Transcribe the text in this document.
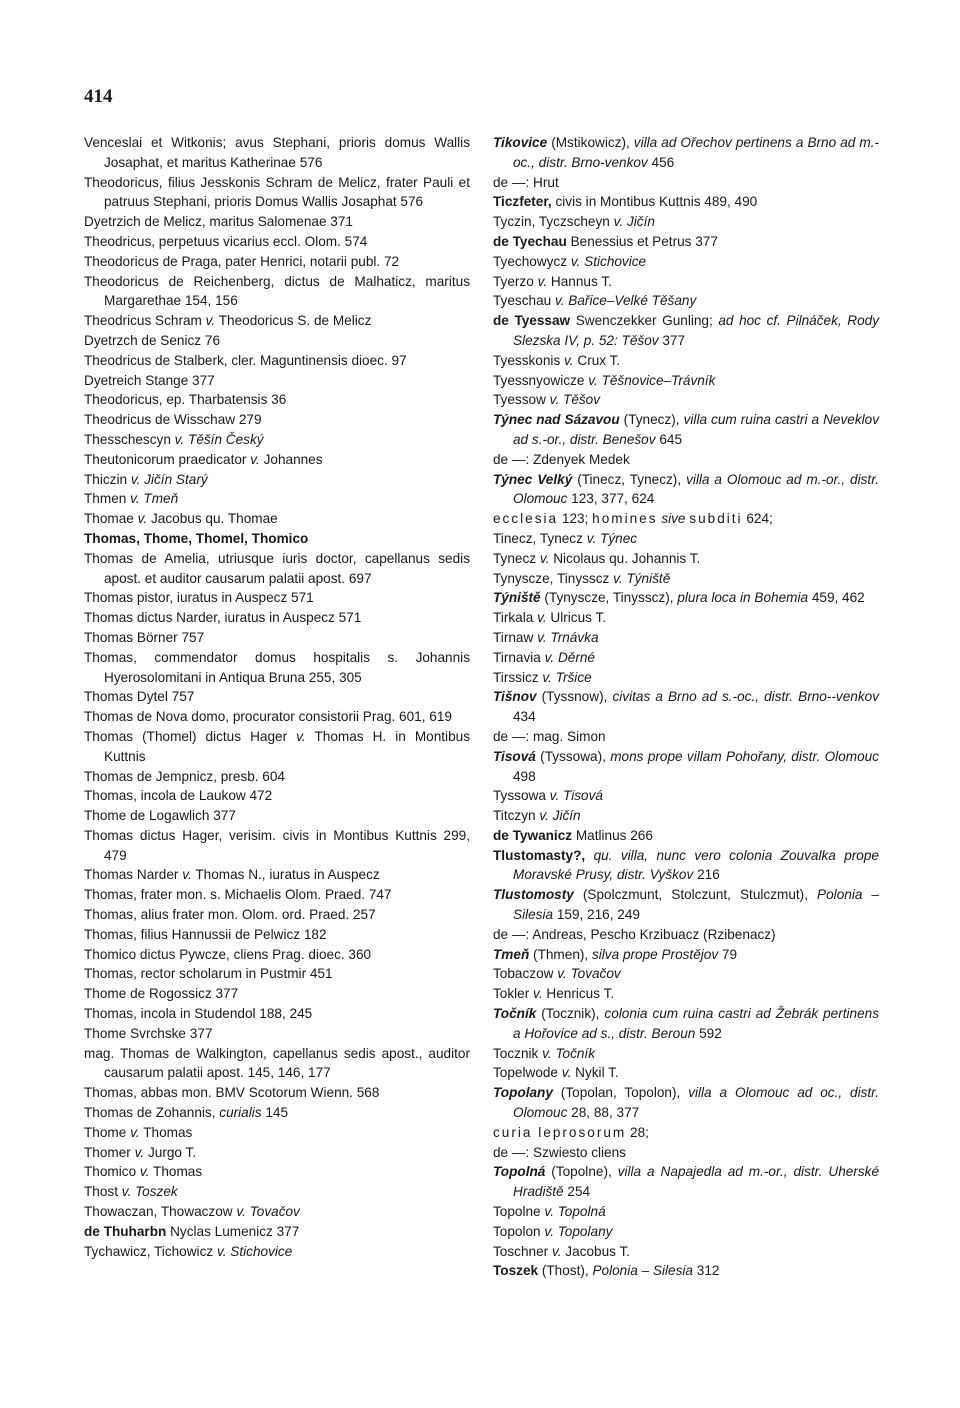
414
Venceslai et Witkonis; avus Stephani, prioris domus Wallis Josaphat, et maritus Katherinae 576
Theodoricus, filius Jesskonis Schram de Melicz, frater Pauli et patruus Stephani, prioris Domus Wallis Josaphat 576
Dyetrzich de Melicz, maritus Salomenae 371
Theodricus, perpetuus vicarius eccl. Olom. 574
Theodoricus de Praga, pater Henrici, notarii publ. 72
Theodoricus de Reichenberg, dictus de Malhaticz, maritus Margarethae 154, 156
Theodricus Schram v. Theodoricus S. de Melicz
Dyetrzch de Senicz 76
Theodricus de Stalberk, cler. Maguntinensis dioec. 97
Dyetreich Stange 377
Theodoricus, ep. Tharbatensis 36
Theodricus de Wisschaw 279
Thesschescyn v. Těšín Český
Theutonicorum praedicator v. Johannes
Thiczin v. Jičín Starý
Thmen v. Tmeň
Thomae v. Jacobus qu. Thomae
Thomas, Thome, Thomel, Thomico
Thomas de Amelia, utriusque iuris doctor, capellanus sedis apost. et auditor causarum palatii apost. 697
Thomas pistor, iuratus in Auspecz 571
Thomas dictus Narder, iuratus in Auspecz 571
Thomas Börner 757
Thomas, commendator domus hospitalis s. Johannis Hyerosolomitani in Antiqua Bruna 255, 305
Thomas Dytel 757
Thomas de Nova domo, procurator consistorii Prag. 601, 619
Thomas (Thomel) dictus Hager v. Thomas H. in Montibus Kuttnis
Thomas de Jempnicz, presb. 604
Thomas, incola de Laukow 472
Thome de Logawlich 377
Thomas dictus Hager, verisim. civis in Montibus Kuttnis 299, 479
Thomas Narder v. Thomas N., iuratus in Auspecz
Thomas, frater mon. s. Michaelis Olom. Praed. 747
Thomas, alius frater mon. Olom. ord. Praed. 257
Thomas, filius Hannussii de Pelwicz 182
Thomico dictus Pywcze, cliens Prag. dioec. 360
Thomas, rector scholarum in Pustmir 451
Thome de Rogossicz 377
Thomas, incola in Studendol 188, 245
Thome Svrchske 377
mag. Thomas de Walkington, capellanus sedis apost., auditor causarum palatii apost. 145, 146, 177
Thomas, abbas mon. BMV Scotorum Wienn. 568
Thomas de Zohannis, curialis 145
Thome v. Thomas
Thomer v. Jurgo T.
Thomico v. Thomas
Thost v. Toszek
Thowaczan, Thowaczow v. Tovačov
de Thuharbn Nyclas Lumenicz 377
Tychawicz, Tichowicz v. Stichovice
Tikovice (Mstikowicz), villa ad Ořechov pertinens a Brno ad m.-oc., distr. Brno-venkov 456
de —: Hrut
Ticzfeter, civis in Montibus Kuttnis 489, 490
Tyczin, Tyczscheyn v. Jičín
de Tyechau Benessius et Petrus 377
Tyechowycz v. Stichovice
Tyerzo v. Hannus T.
Tyeschau v. Bařice–Velké Těšany
de Tyessaw Swenczekker Gunling; ad hoc cf. Pilnáček, Rody Slezska IV, p. 52: Těšov 377
Tyesskonis v. Crux T.
Tyessnyowicze v. Těšnovice–Trávník
Tyessow v. Těšov
Týnec nad Sázavou (Tynecz), villa cum ruina castri a Neveklov ad s.-or., distr. Benešov 645
de —: Zdenyek Medek
Týnec Velký (Tinecz, Tynecz), villa a Olomouc ad m.-or., distr. Olomouc 123, 377, 624
ecclesia 123; homines sive subditi 624;
Tinecz, Tynecz v. Týnec
Tynecz v. Nicolaus qu. Johannis T.
Tynyscze, Tinysscz v. Týniště
Týniště (Tynyscze, Tinysscz), plura loca in Bohemia 459, 462
Tirkala v. Ulricus T.
Tirnaw v. Trnávka
Tirnavia v. Děrné
Tirssicz v. Tršice
Tišnov (Tyssnow), civitas a Brno ad s.-oc., distr. Brno--venkov 434
de —: mag. Simon
Tisová (Tyssowa), mons prope villam Pohořany, distr. Olomouc 498
Tyssowa v. Tisová
Titczyn v. Jičín
de Tywanicz Matlinus 266
Tlustomasty?, qu. villa, nunc vero colonia Zouvalka prope Moravské Prusy, distr. Vyškov 216
Tlustomosty (Spolczmunt, Stolczunt, Stulczmut), Polonia – Silesia 159, 216, 249
de —: Andreas, Pescho Krzibuacz (Rzibenacz)
Tmeň (Thmen), silva prope Prostějov 79
Tobaczow v. Tovačov
Tokler v. Henricus T.
Točník (Tocznik), colonia cum ruina castri ad Žebrák pertinens a Hořovice ad s., distr. Beroun 592
Tocznik v. Točník
Topelwode v. Nykil T.
Topolany (Topolan, Topolon), villa a Olomouc ad oc., distr. Olomouc 28, 88, 377
curia leprosorum 28;
de —: Szwiesto cliens
Topolná (Topolne), villa a Napajedla ad m.-or., distr. Uherské Hradiště 254
Topolne v. Topolná
Topolon v. Topolany
Toschner v. Jacobus T.
Toszek (Thost), Polonia – Silesia 312
